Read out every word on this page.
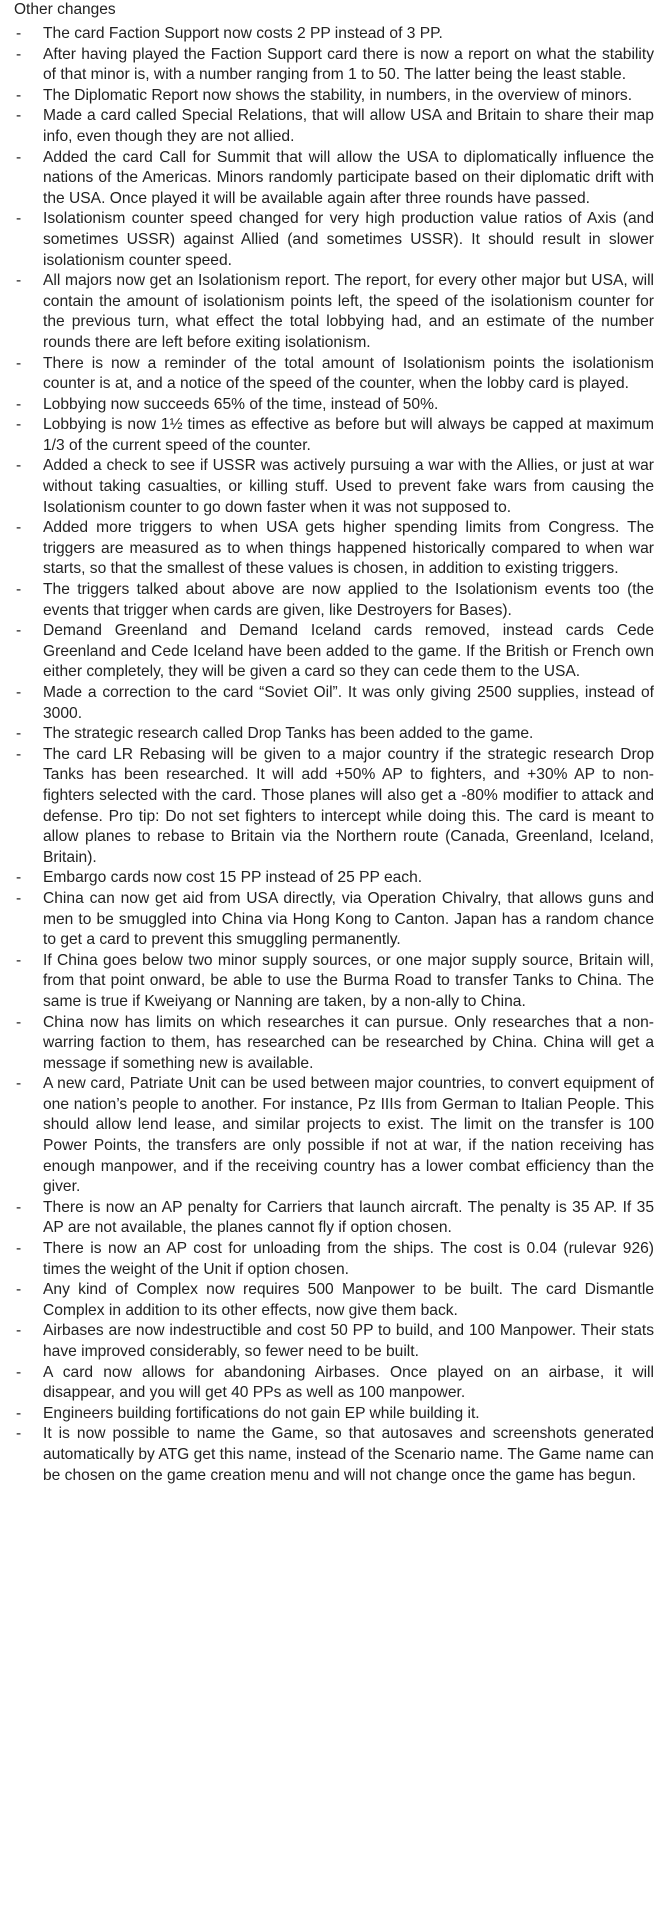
Other changes
-	The card Faction Support now costs 2 PP instead of 3 PP.
-	After having played the Faction Support card there is now a report on what the stability of that minor is, with a number ranging from 1 to 50. The latter being the least stable.
-	The Diplomatic Report now shows the stability, in numbers, in the overview of minors.
-	Made a card called Special Relations, that will allow USA and Britain to share their map info, even though they are not allied.
-	Added the card Call for Summit that will allow the USA to diplomatically influence the nations of the Americas. Minors randomly participate based on their diplomatic drift with the USA. Once played it will be available again after three rounds have passed.
-	Isolationism counter speed changed for very high production value ratios of Axis (and sometimes USSR) against Allied (and sometimes USSR). It should result in slower isolationism counter speed.
-	All majors now get an Isolationism report. The report, for every other major but USA, will contain the amount of isolationism points left, the speed of the isolationism counter for the previous turn, what effect the total lobbying had, and an estimate of the number rounds there are left before exiting isolationism.
-	There is now a reminder of the total amount of Isolationism points the isolationism counter is at, and a notice of the speed of the counter, when the lobby card is played.
-	Lobbying now succeeds 65% of the time, instead of 50%.
-	Lobbying is now 1½ times as effective as before but will always be capped at maximum 1/3 of the current speed of the counter.
-	Added a check to see if USSR was actively pursuing a war with the Allies, or just at war without taking casualties, or killing stuff. Used to prevent fake wars from causing the Isolationism counter to go down faster when it was not supposed to.
-	Added more triggers to when USA gets higher spending limits from Congress. The triggers are measured as to when things happened historically compared to when war starts, so that the smallest of these values is chosen, in addition to existing triggers.
-	The triggers talked about above are now applied to the Isolationism events too (the events that trigger when cards are given, like Destroyers for Bases).
-	Demand Greenland and Demand Iceland cards removed, instead cards Cede Greenland and Cede Iceland have been added to the game. If the British or French own either completely, they will be given a card so they can cede them to the USA.
-	Made a correction to the card “Soviet Oil”. It was only giving 2500 supplies, instead of 3000.
-	The strategic research called Drop Tanks has been added to the game.
-	The card LR Rebasing will be given to a major country if the strategic research Drop Tanks has been researched. It will add +50% AP to fighters, and +30% AP to non-fighters selected with the card. Those planes will also get a -80% modifier to attack and defense. Pro tip: Do not set fighters to intercept while doing this. The card is meant to allow planes to rebase to Britain via the Northern route (Canada, Greenland, Iceland, Britain).
-	Embargo cards now cost 15 PP instead of 25 PP each.
-	China can now get aid from USA directly, via Operation Chivalry, that allows guns and men to be smuggled into China via Hong Kong to Canton. Japan has a random chance to get a card to prevent this smuggling permanently.
-	If China goes below two minor supply sources, or one major supply source, Britain will, from that point onward, be able to use the Burma Road to transfer Tanks to China. The same is true if Kweiyang or Nanning are taken, by a non-ally to China.
-	China now has limits on which researches it can pursue. Only researches that a non-warring faction to them, has researched can be researched by China. China will get a message if something new is available.
-	A new card, Patriate Unit can be used between major countries, to convert equipment of one nation’s people to another. For instance, Pz IIIs from German to Italian People. This should allow lend lease, and similar projects to exist. The limit on the transfer is 100 Power Points, the transfers are only possible if not at war, if the nation receiving has enough manpower, and if the receiving country has a lower combat efficiency than the giver.
-	There is now an AP penalty for Carriers that launch aircraft. The penalty is 35 AP. If 35 AP are not available, the planes cannot fly if option chosen.
-	There is now an AP cost for unloading from the ships. The cost is 0.04 (rulevar 926) times the weight of the Unit if option chosen.
-	Any kind of Complex now requires 500 Manpower to be built. The card Dismantle Complex in addition to its other effects, now give them back.
-	Airbases are now indestructible and cost 50 PP to build, and 100 Manpower. Their stats have improved considerably, so fewer need to be built.
-	A card now allows for abandoning Airbases. Once played on an airbase, it will disappear, and you will get 40 PPs as well as 100 manpower.
-	Engineers building fortifications do not gain EP while building it.
-	It is now possible to name the Game, so that autosaves and screenshots generated automatically by ATG get this name, instead of the Scenario name. The Game name can be chosen on the game creation menu and will not change once the game has begun.
